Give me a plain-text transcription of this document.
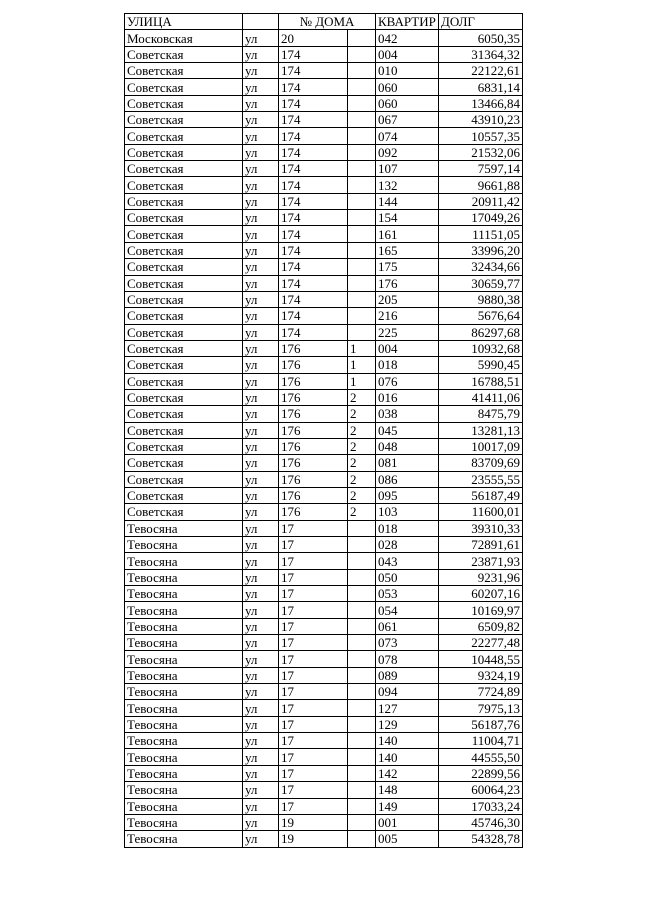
УЛИЦА		№ ДОМА		КВАРТИР	ДОЛГ
Московская	ул	20		042	6050,35
Советская	ул	174		004	31364,32
Советская	ул	174		010	22122,61
Советская	ул	174		060	6831,14
Советская	ул	174		060	13466,84
Советская	ул	174		067	43910,23
Советская	ул	174		074	10557,35
Советская	ул	174		092	21532,06
Советская	ул	174		107	7597,14
Советская	ул	174		132	9661,88
Советская	ул	174		144	20911,42
Советская	ул	174		154	17049,26
Советская	ул	174		161	11151,05
Советская	ул	174		165	33996,20
Советская	ул	174		175	32434,66
Советская	ул	174		176	30659,77
Советская	ул	174		205	9880,38
Советская	ул	174		216	5676,64
Советская	ул	174		225	86297,68
Советская	ул	176	1	004	10932,68
Советская	ул	176	1	018	5990,45
Советская	ул	176	1	076	16788,51
Советская	ул	176	2	016	41411,06
Советская	ул	176	2	038	8475,79
Советская	ул	176	2	045	13281,13
Советская	ул	176	2	048	10017,09
Советская	ул	176	2	081	83709,69
Советская	ул	176	2	086	23555,55
Советская	ул	176	2	095	56187,49
Советская	ул	176	2	103	11600,01
Тевосяна	ул	17		018	39310,33
Тевосяна	ул	17		028	72891,61
Тевосяна	ул	17		043	23871,93
Тевосяна	ул	17		050	9231,96
Тевосяна	ул	17		053	60207,16
Тевосяна	ул	17		054	10169,97
Тевосяна	ул	17		061	6509,82
Тевосяна	ул	17		073	22277,48
Тевосяна	ул	17		078	10448,55
Тевосяна	ул	17		089	9324,19
Тевосяна	ул	17		094	7724,89
Тевосяна	ул	17		127	7975,13
Тевосяна	ул	17		129	56187,76
Тевосяна	ул	17		140	11004,71
Тевосяна	ул	17		140	44555,50
Тевосяна	ул	17		142	22899,56
Тевосяна	ул	17		148	60064,23
Тевосяна	ул	17		149	17033,24
Тевосяна	ул	19		001	45746,30
Тевосяна	ул	19		005	54328,78
